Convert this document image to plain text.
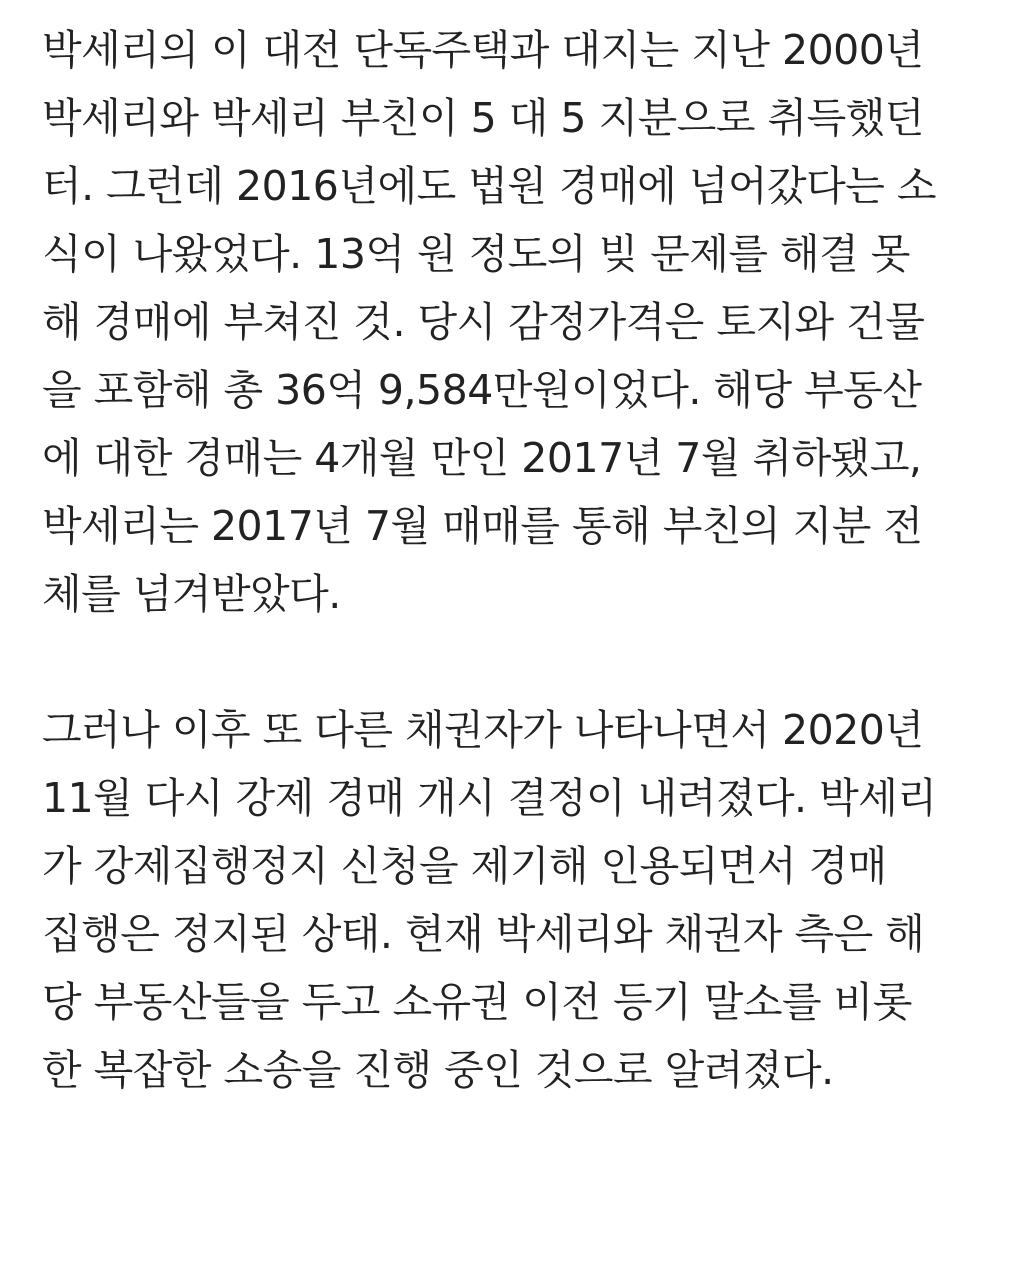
박세리의 이 대전 단독주택과 대지는 지난 2000년
박세리와 박세리 부친이 5 대 5 지분으로 취득했던
터. 그런데 2016년에도 법원 경매에 넘어갔다는 소
식이 나왔었다. 13억 원 정도의 빚 문제를 해결 못
해 경매에 부쳐진 것. 당시 감정가격은 토지와 건물
을 포함해 총 36억 9,584만원이었다. 해당 부동산
에 대한 경매는 4개월 만인 2017년 7월 취하됐고,
박세리는 2017년 7월 매매를 통해 부친의 지분 전
체를 넘겨받았다.

그러나 이후 또 다른 채권자가 나타나면서 2020년
11월 다시 강제 경매 개시 결정이 내려졌다. 박세리
가 강제집행정지 신청을 제기해 인용되면서 경매
집행은 정지된 상태. 현재 박세리와 채권자 측은 해
당 부동산들을 두고 소유권 이전 등기 말소를 비롯
한 복잡한 소송을 진행 중인 것으로 알려졌다.
